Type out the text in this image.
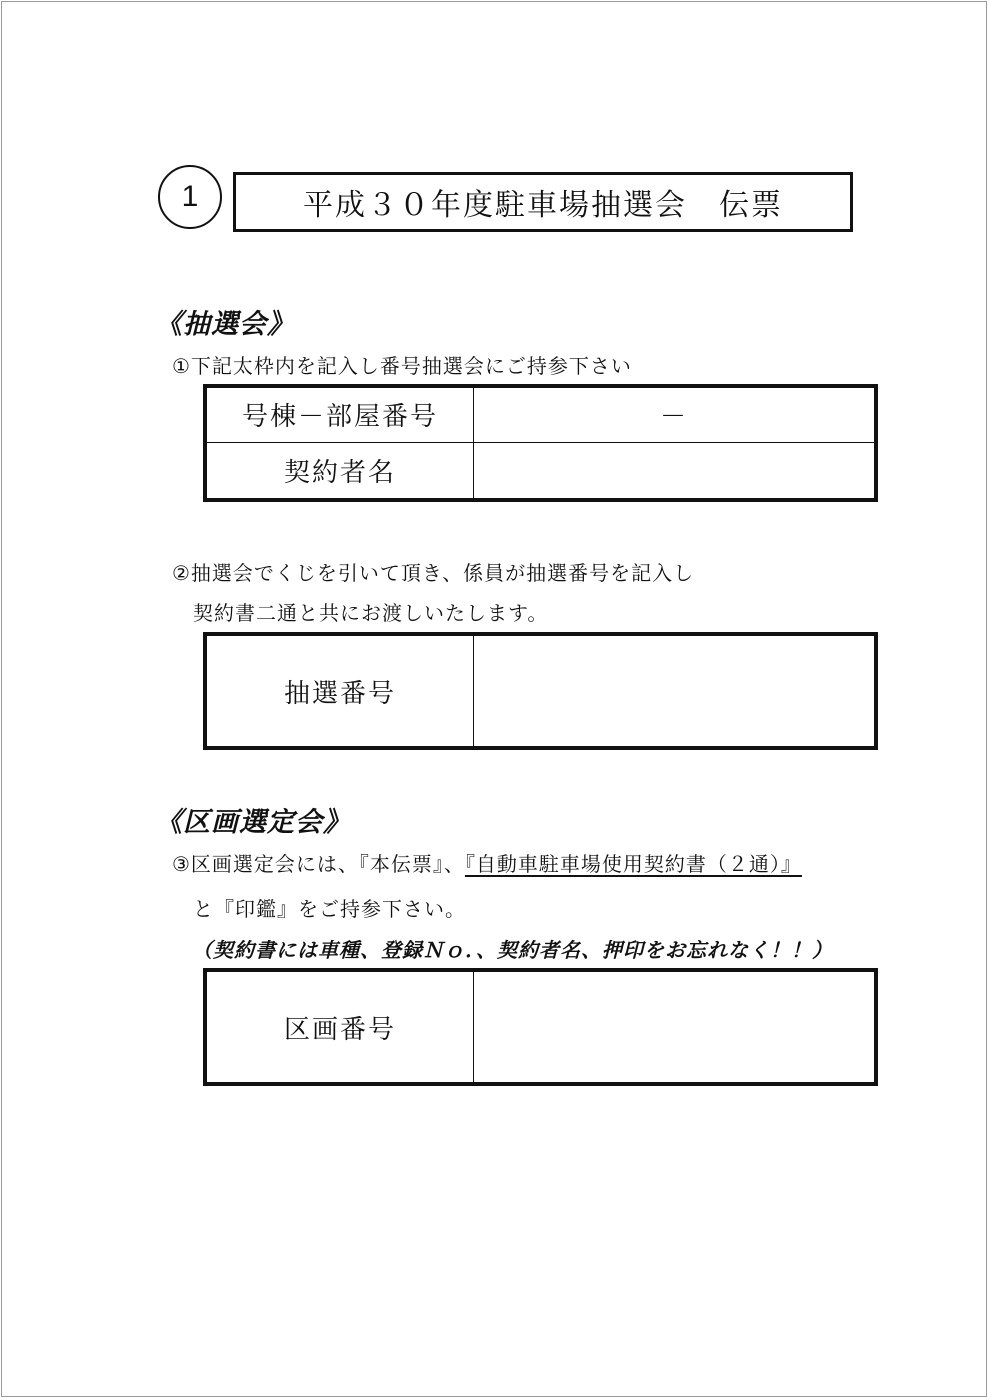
1	平成３０年度駐車場抽選会　伝票
《抽選会》
①下記太枠内を記入し番号抽選会にご持参下さい
号棟－部屋番号	－
契約者名	
②抽選会でくじを引いて頂き、係員が抽選番号を記入し
契約書二通と共にお渡しいたします。
抽選番号	
《区画選定会》
③区画選定会には、『本伝票』、『自動車駐車場使用契約書（２通）』
と『印鑑』をご持参下さい。
（契約書には車種、登録Ｎｏ．、契約者名、押印をお忘れなく！！）
区画番号	
